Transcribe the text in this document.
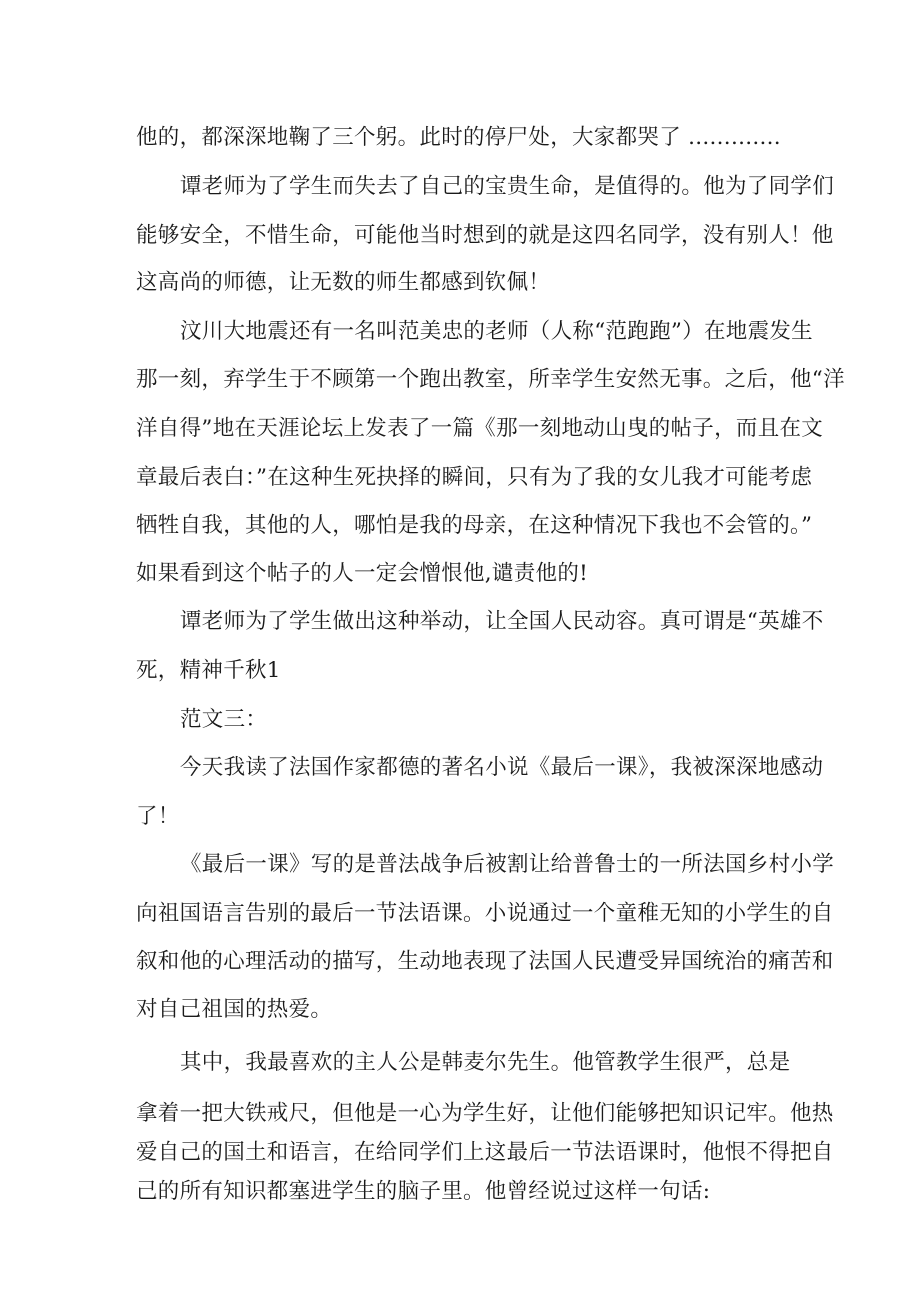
他的，都深深地鞠了三个躬。此时的停尸处，大家都哭了 .............
谭老师为了学生而失去了自己的宝贵生命，是值得的。他为了同学们
能够安全，不惜生命，可能他当时想到的就是这四名同学，没有别人！他
这高尚的师德，让无数的师生都感到钦佩！
汶川大地震还有一名叫范美忠的老师（人称“范跑跑”）在地震发生
那一刻，弃学生于不顾第一个跑出教室，所幸学生安然无事。之后，他“洋
洋自得”地在天涯论坛上发表了一篇《那一刻地动山曳的帖子，而且在文
章最后表白：”在这种生死抉择的瞬间，只有为了我的女儿我才可能考虑
牺牲自我，其他的人，哪怕是我的母亲，在这种情况下我也不会管的。”
如果看到这个帖子的人一定会憎恨他,谴责他的!
谭老师为了学生做出这种举动，让全国人民动容。真可谓是“英雄不
死，精神千秋1
范文三：
今天我读了法国作家都德的著名小说《最后一课》，我被深深地感动
了！
《最后一课》写的是普法战争后被割让给普鲁士的一所法国乡村小学
向祖国语言告别的最后一节法语课。小说通过一个童稚无知的小学生的自
叙和他的心理活动的描写，生动地表现了法国人民遭受异国统治的痛苦和
对自己祖国的热爱。
其中，我最喜欢的主人公是韩麦尔先生。他管教学生很严，总是
拿着一把大铁戒尺，但他是一心为学生好，让他们能够把知识记牢。他热
爱自己的国土和语言，在给同学们上这最后一节法语课时，他恨不得把自
己的所有知识都塞进学生的脑子里。他曾经说过这样一句话:
